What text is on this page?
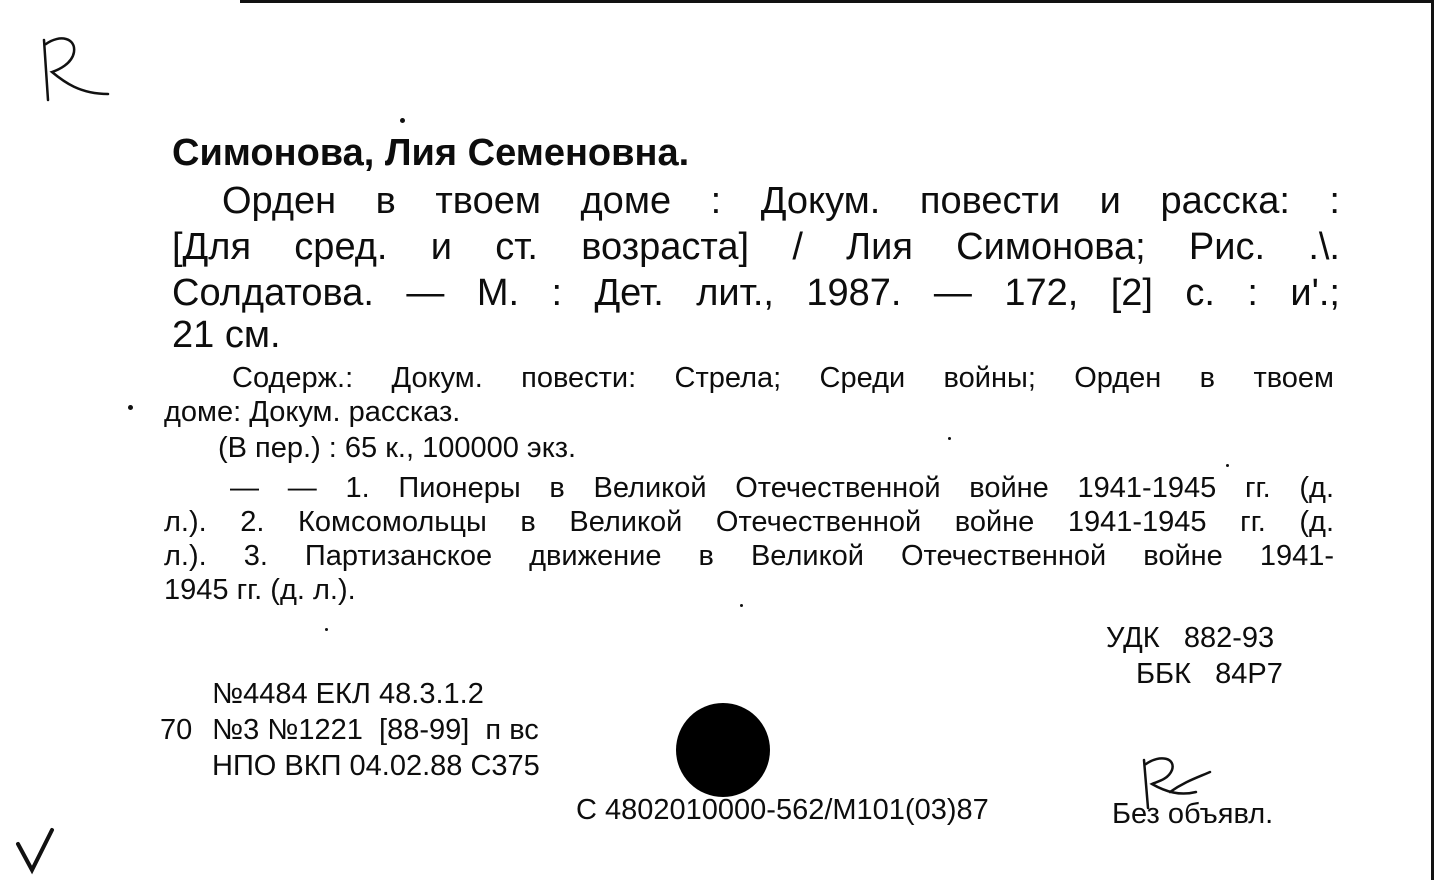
Симонова, Лия Семеновна.
Орден в твоем доме : Докум. повести и расска: :
[Для сред. и ст. возраста] / Лия Симонова; Рис. .\.
Солдатова. — М. : Дет. лит., 1987. — 172, [2] с. : и'.;
21 см.
Содерж.: Докум. повести: Стрела; Среди войны; Орден в твоем
доме: Докум. рассказ.
(В пер.) : 65 к., 100000 экз.
— — 1. Пионеры в Великой Отечественной войне 1941-1945 гг. (д.
л.). 2. Комсомольцы в Великой Отечественной войне 1941-1945 гг. (д.
л.). 3. Партизанское движение в Великой Отечественной войне 1941-
1945 гг. (д. л.).
УДК   882-93
ББК   84Р7
№4484 ЕКЛ 48.3.1.2
70 №3 №1221  [88-99]  п вс
НПО ВКП 04.02.88 С375
С 4802010000-562/М101(03)87	Без объявл.
